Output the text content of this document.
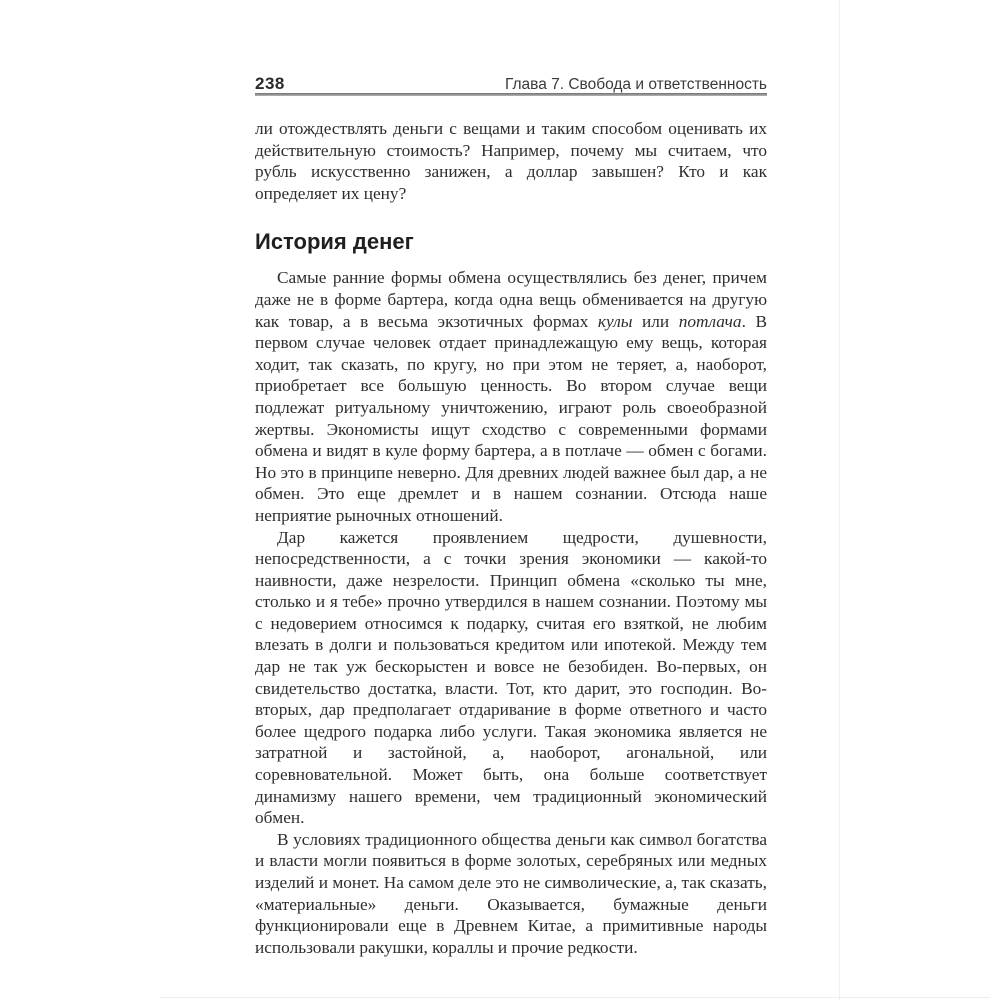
238	Глава 7. Свобода и ответственность

ли отождествлять деньги с вещами и таким способом оценивать их действительную стоимость? Например, почему мы считаем, что рубль искусственно занижен, а доллар завышен? Кто и как определяет их цену?

История денег

Самые ранние формы обмена осуществлялись без денег, причем даже не в форме бартера, когда одна вещь обменивается на другую как товар, а в весьма экзотичных формах кулы или потлача. В первом случае человек отдает принадлежащую ему вещь, которая ходит, так сказать, по кругу, но при этом не теряет, а, наоборот, приобретает все большую ценность. Во втором случае вещи подлежат ритуальному уничтожению, играют роль своеобразной жертвы. Экономисты ищут сходство с современными формами обмена и видят в куле форму бартера, а в потлаче — обмен с богами. Но это в принципе неверно. Для древних людей важнее был дар, а не обмен. Это еще дремлет и в нашем сознании. Отсюда наше неприятие рыночных отношений.

Дар кажется проявлением щедрости, душевности, непосредственности, а с точки зрения экономики — какой-то наивности, даже незрелости. Принцип обмена «сколько ты мне, столько и я тебе» прочно утвердился в нашем сознании. Поэтому мы с недоверием относимся к подарку, считая его взяткой, не любим влезать в долги и пользоваться кредитом или ипотекой. Между тем дар не так уж бескорыстен и вовсе не безобиден. Во-первых, он свидетельство достатка, власти. Тот, кто дарит, это господин. Во-вторых, дар предполагает отдаривание в форме ответного и часто более щедрого подарка либо услуги. Такая экономика является не затратной и застойной, а, наоборот, агональной, или соревновательной. Может быть, она больше соответствует динамизму нашего времени, чем традиционный экономический обмен.

В условиях традиционного общества деньги как символ богатства и власти могли появиться в форме золотых, серебряных или медных изделий и монет. На самом деле это не символические, а, так сказать, «материальные» деньги. Оказывается, бумажные деньги функционировали еще в Древнем Китае, а примитивные народы использовали ракушки, кораллы и прочие редкости.
